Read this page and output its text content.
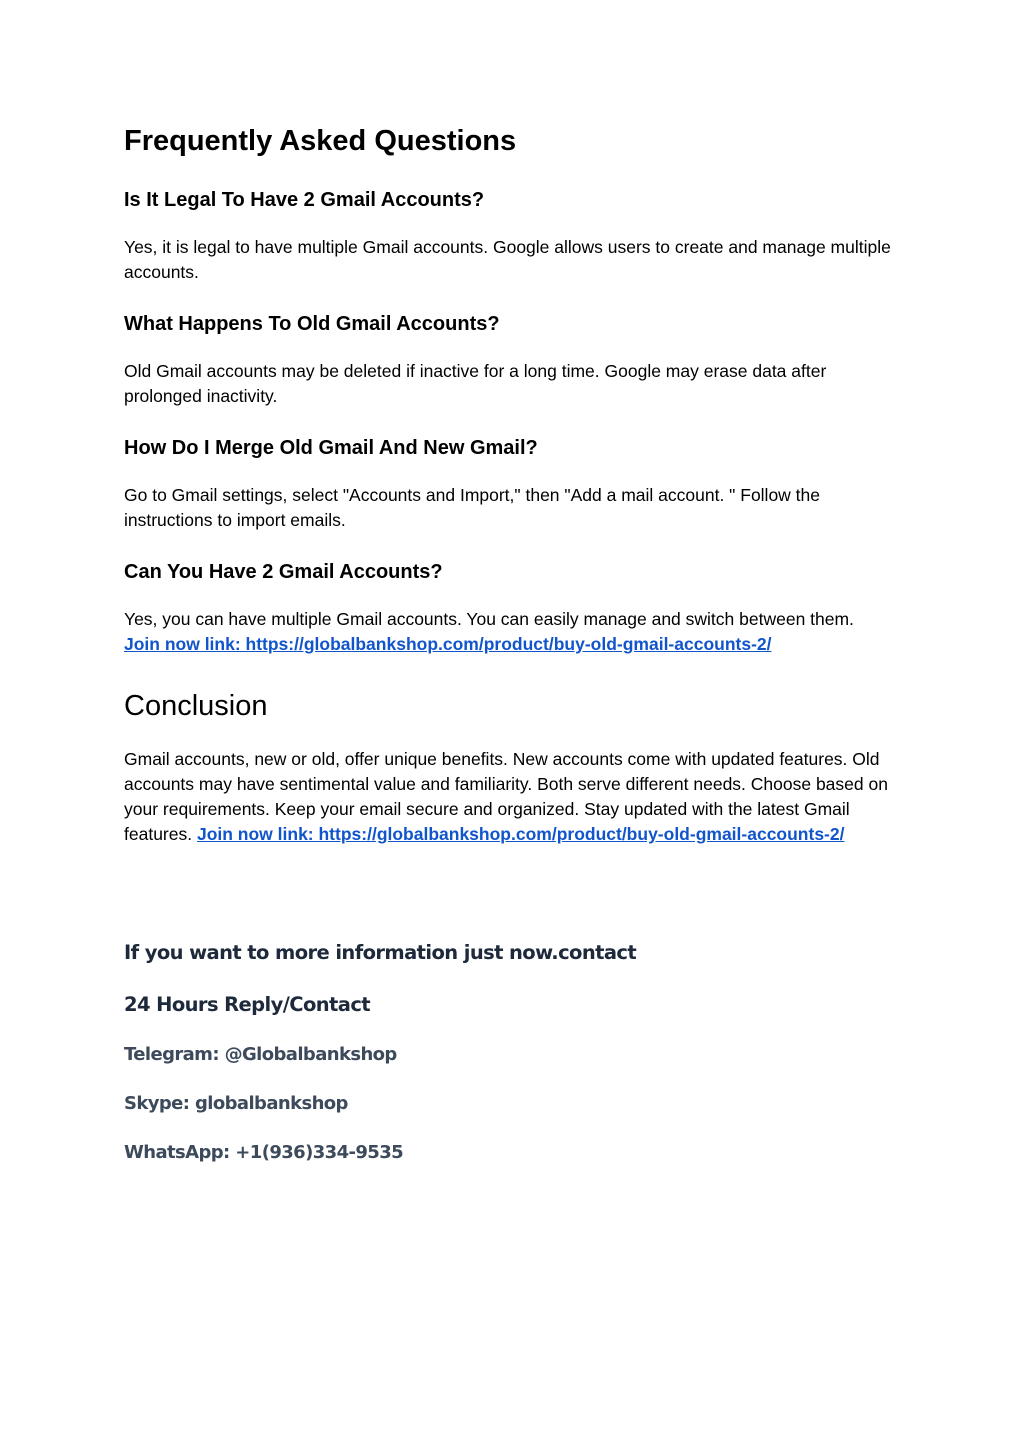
Frequently Asked Questions
Is It Legal To Have 2 Gmail Accounts?

Yes, it is legal to have multiple Gmail accounts. Google allows users to create and manage multiple accounts.

What Happens To Old Gmail Accounts?

Old Gmail accounts may be deleted if inactive for a long time. Google may erase data after prolonged inactivity.

How Do I Merge Old Gmail And New Gmail?

Go to Gmail settings, select "Accounts and Import," then "Add a mail account. " Follow the instructions to import emails.

Can You Have 2 Gmail Accounts?

Yes, you can have multiple Gmail accounts. You can easily manage and switch between them. Join now link: https://globalbankshop.com/product/buy-old-gmail-accounts-2/

Conclusion

Gmail accounts, new or old, offer unique benefits. New accounts come with updated features. Old accounts may have sentimental value and familiarity. Both serve different needs. Choose based on your requirements. Keep your email secure and organized. Stay updated with the latest Gmail features. Join now link: https://globalbankshop.com/product/buy-old-gmail-accounts-2/

If you want to more information just now.contact
24 Hours Reply/Contact

Telegram: @Globalbankshop

Skype: globalbankshop

WhatsApp: +1(936)334-9535
